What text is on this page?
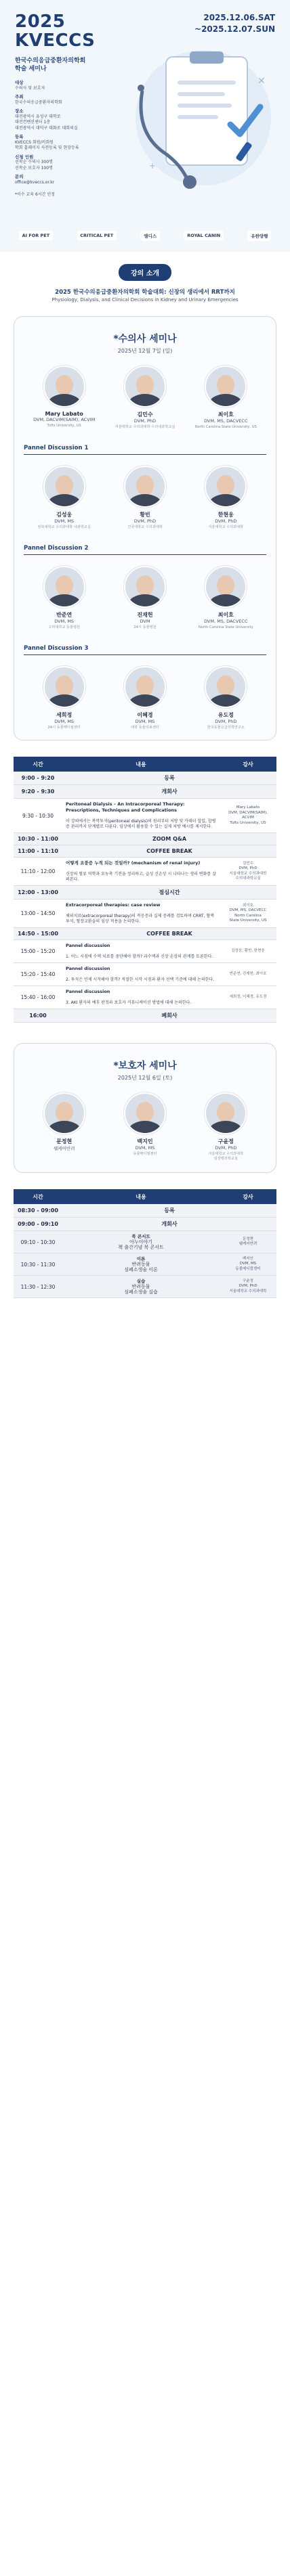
2025
KVECCS
2025.12.06.SAT
~2025.12.07.SUN
한국수의응급중환자의학회
학술 세미나
대상
수의사 및 보호자
주최
한국수의응급중환자의학회
장소
대전광역시 유성구 대학로
대전컨벤션센터 1층
대전광역시 대덕구 대화로 대회의실
등록
KVECCS 회원/비회원
학회 홈페이지 사전등록 및 현장등록
신청 인원
선착순 수의사 300명
선착순 보호자 100명
문의
office@kveccs.or.kr
*이수 교육 6시간 인정
✕
+
AI FOR PET	CRITICAL PET	엘디스	ROYAL CANIN	유한양행
강의 소개
2025 한국수의응급중환자의학회 학술대회: 신장의 생리에서 RRT까지
Physiology, Dialysis, and Clinical Decisions in Kidney and Urinary Emergencies
*수의사 세미나
2025년 12월 7일 (일)
Mary Labato
DVM, DACVIM(SAIM), ACVIM
Tufts University, US
김민수
DVM, PhD
서울대학교 수의과대학 수의내과학교실
최이호
DVM, MS, DACVECC
North Carolina State University, US
Pannel Discussion 1
김성웅
DVM, MS
전북대학교 수의과대학 내과학교실
황빈
DVM, PhD
건국대학교 수의과대학
한현웅
DVM, PhD
서울대학교 수의과대학
Pannel Discussion 2
반준연
DVM, MS
고려대학교 동물병원
진재헌
DVM
24시 동물병원
최이호
DVM, MS, DACVECC
North Carolina State University
Pannel Discussion 3
세희정
DVM, MS
24시 동물메디컬센터
이혜경
DVM, MS
대학 동물의료센터
유도정
DVM, PhD
한국동물응급의학연구소
시간	내용	강사
9:00 - 9:20	등록	
9:20 - 9:30	개회사	
9:30 - 10:30	Peritoneal Dialysis – An Intracorporeal Therapy: Prescriptions, Techniques and Complications

이 강의에서는 복막투석(peritoneal dialysis)의 원리부터 처방 및 카테터 삽입, 합병증 관리까지 단계별로 다룬다. 임상에서 활용할 수 있는 실제 처방 예시를 제시한다.	Mary Labato
DVM, DACVIM(SAIM), ACVIM
Tufts University, US
10:30 - 11:00	ZOOM Q&A	
11:00 - 11:10	COFFEE BREAK	
11:10 - 12:00	어떻게 요붕증 누적 되는 것일까? (mechanism of renal injury)

신장의 혈류 역학과 요농축 기전을 정리하고, 급성 신손상 시 나타나는 생리 변화를 살펴본다.	김민수
DVM, PhD
서울대학교 수의과대학
수의내과학교실
12:00 - 13:00	점심시간	
13:00 - 14:50	Extracorporeal therapies: case review

체외치료(extracorporeal therapy)의 적응증과 실제 증례를 검토하며 CRRT, 혈액투석, 혈장교환술의 임상 적용을 논의한다.	최이호
DVM, MS, DACVECC
North Carolina
State University, US
14:50 - 15:00	COFFEE BREAK	
15:00 - 15:20	Pannel discussion

1. 어느 시점에 수액 치료를 중단해야 할까? 과수액과 신장 손상의 관계를 토론한다.	김성웅, 황빈, 한현웅
15:20 - 15:40	Pannel discussion

2. 투석은 언제 시작해야 할까? 적절한 시작 시점과 환자 선택 기준에 대해 논의한다.	반준연, 진재헌, 최이호
15:40 - 16:00	Pannel discussion

3. AKI 환자의 예후 판정과 보호자 커뮤니케이션 방법에 대해 논의한다.	세희정, 이혜경, 유도정
16:00	폐회사	
*보호자 세미나
2025년 12월 6일 (토)
문정현
웰케어반려
백지인
DVM, MS
동물메디컬센터
구윤정
DVM, PhD
서울대학교 수의과대학
임상병리학교실
시간	내용	강사
08:30 - 09:00	등록	
09:00 - 09:10	개회사	
09:10 - 10:30	북 콘서트
아누이야기
책 출간기념 북 콘서트	문정현
웰케어반려
10:30 - 11:30	이론
반려동물
심폐소생술 이론	백지인
DVM, MS
동물메디컬센터
11:30 - 12:30	실습
반려동물
심폐소생술 실습	구윤정
DVM, PhD
서울대학교 수의과대학
